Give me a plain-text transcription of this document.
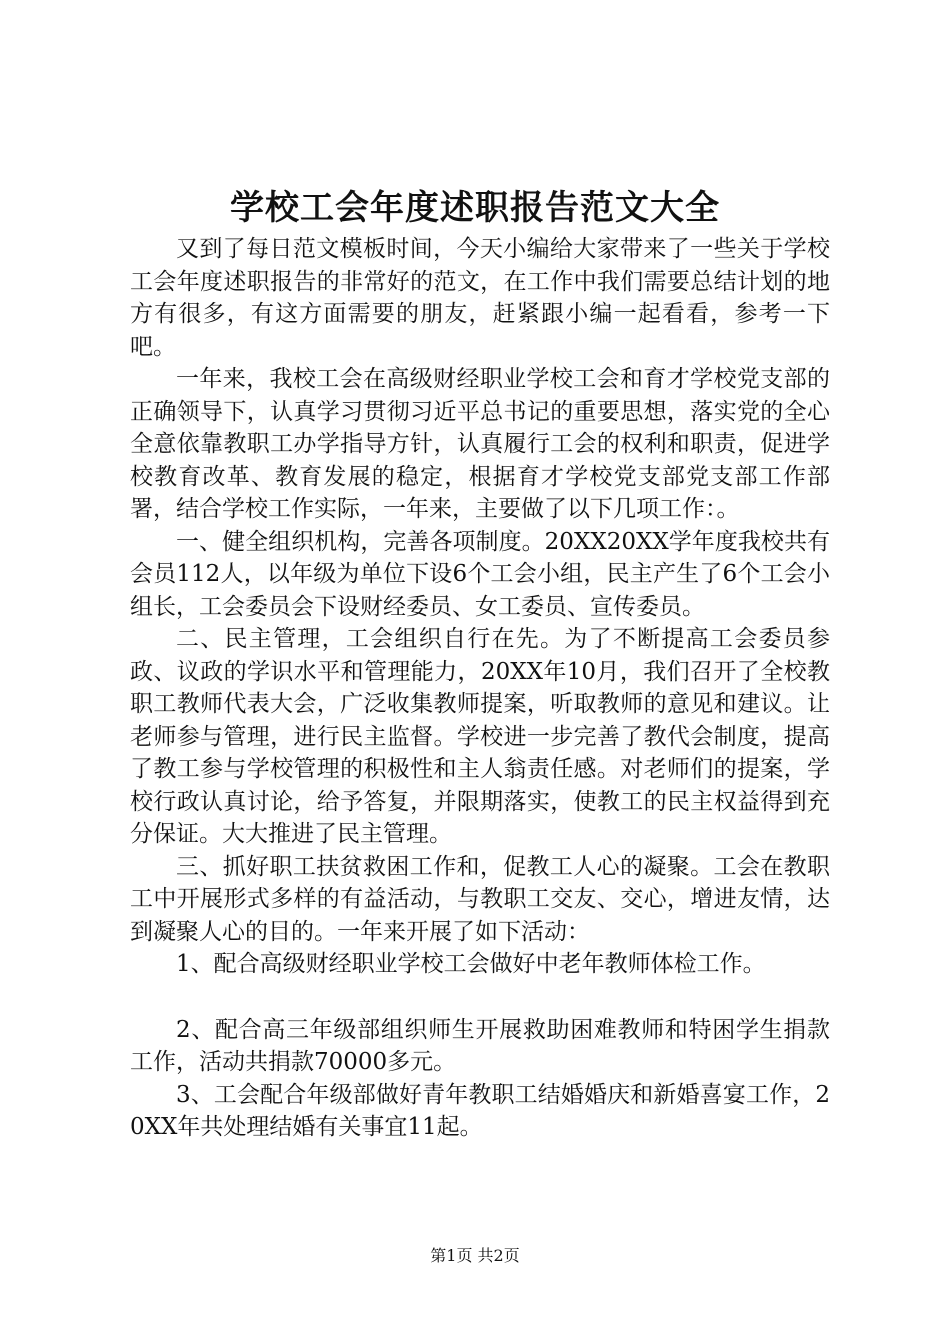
学校工会年度述职报告范文大全

又到了每日范文模板时间，今天小编给大家带来了一些关于学校工会年度述职报告的非常好的范文，在工作中我们需要总结计划的地方有很多，有这方面需要的朋友，赶紧跟小编一起看看，参考一下吧。

一年来，我校工会在高级财经职业学校工会和育才学校党支部的正确领导下，认真学习贯彻习近平总书记的重要思想，落实党的全心全意依靠教职工办学指导方针，认真履行工会的权利和职责，促进学校教育改革、教育发展的稳定，根据育才学校党支部党支部工作部署，结合学校工作实际，一年来，主要做了以下几项工作：。

一、健全组织机构，完善各项制度。20XX20XX学年度我校共有会员112人，以年级为单位下设6个工会小组，民主产生了6个工会小组长，工会委员会下设财经委员、女工委员、宣传委员。

二、民主管理，工会组织自行在先。为了不断提高工会委员参政、议政的学识水平和管理能力，20XX年10月，我们召开了全校教职工教师代表大会，广泛收集教师提案，听取教师的意见和建议。让老师参与管理，进行民主监督。学校进一步完善了教代会制度，提高了教工参与学校管理的积极性和主人翁责任感。对老师们的提案，学校行政认真讨论，给予答复，并限期落实，使教工的民主权益得到充分保证。大大推进了民主管理。

三、抓好职工扶贫救困工作和，促教工人心的凝聚。工会在教职工中开展形式多样的有益活动，与教职工交友、交心，增进友情，达到凝聚人心的目的。一年来开展了如下活动：

1、配合高级财经职业学校工会做好中老年教师体检工作。

2、配合高三年级部组织师生开展救助困难教师和特困学生捐款工作，活动共捐款70000多元。

3、工会配合年级部做好青年教职工结婚婚庆和新婚喜宴工作，20XX年共处理结婚有关事宜11起。

第1页 共2页
